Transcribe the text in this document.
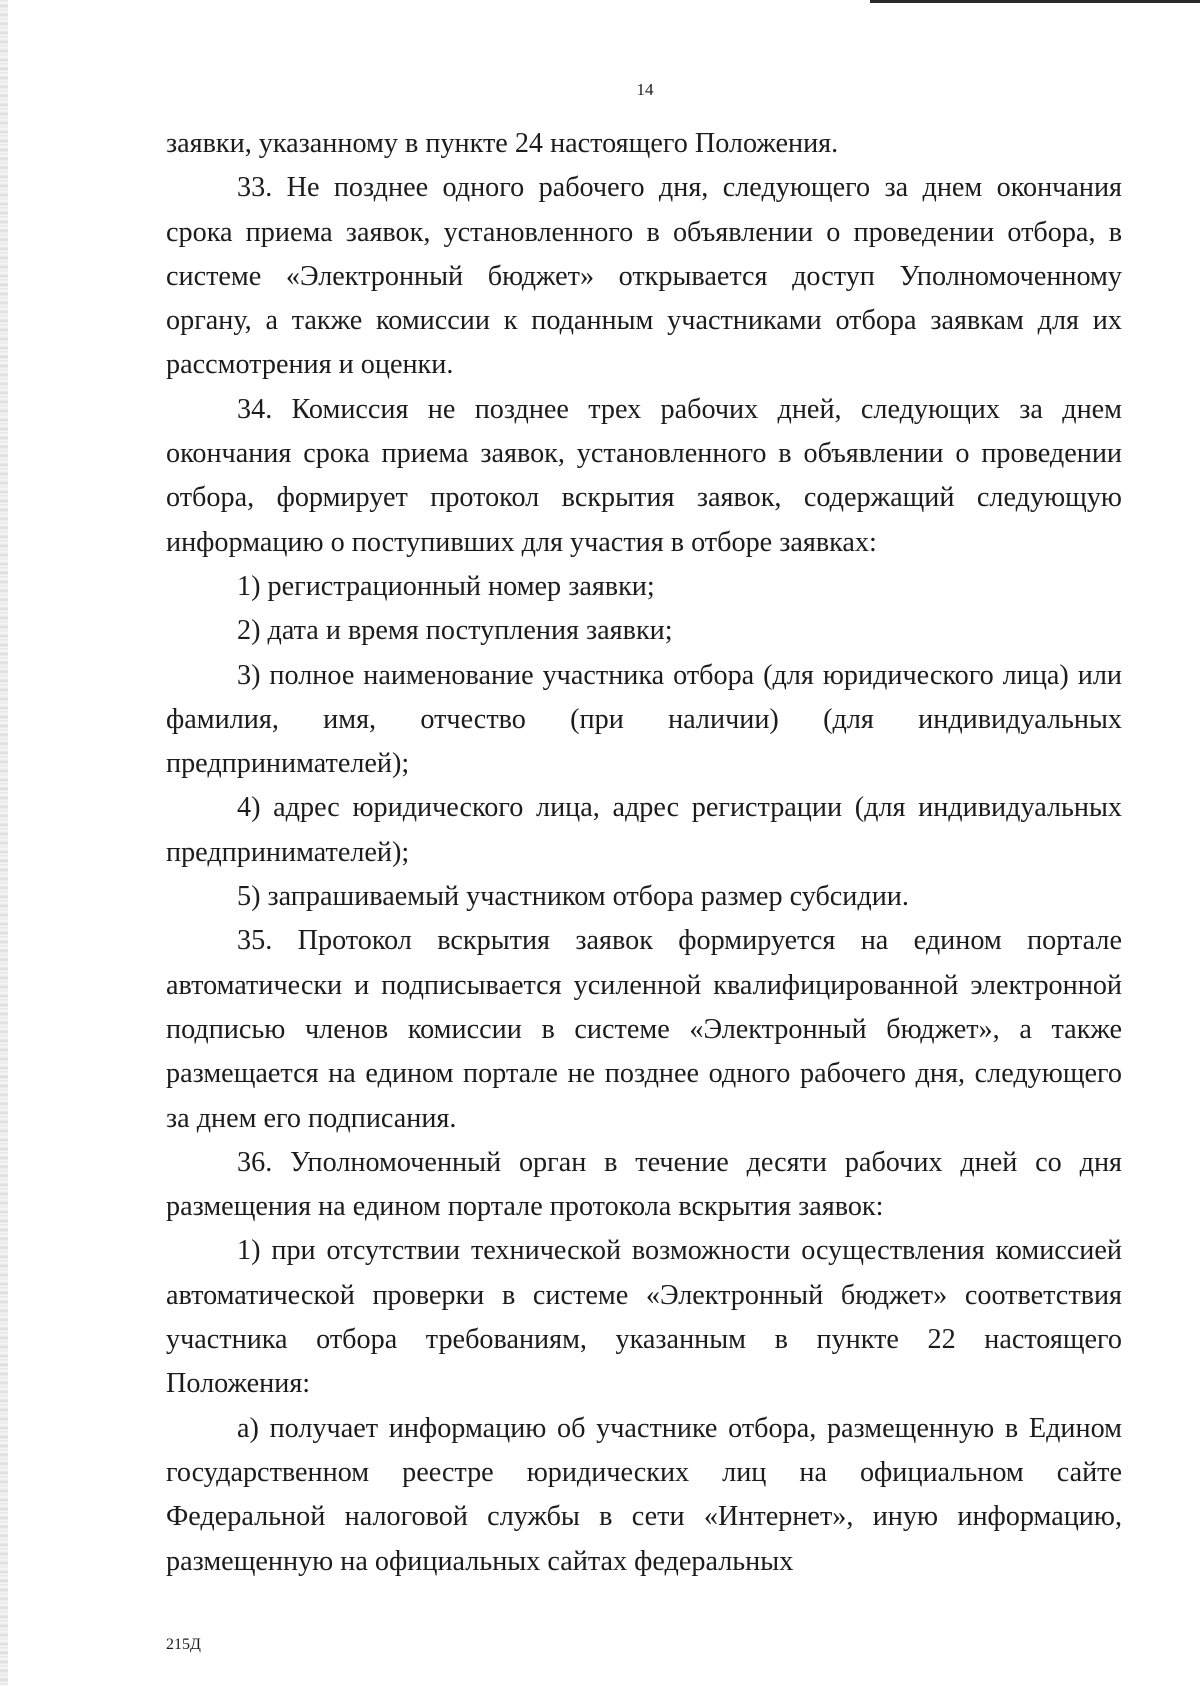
14

заявки, указанному в пункте 24 настоящего Положения.

33. Не позднее одного рабочего дня, следующего за днем окончания срока приема заявок, установленного в объявлении о проведении отбора, в системе «Электронный бюджет» открывается доступ Уполномоченному органу, а также комиссии к поданным участниками отбора заявкам для их рассмотрения и оценки.

34. Комиссия не позднее трех рабочих дней, следующих за днем окончания срока приема заявок, установленного в объявлении о проведении отбора, формирует протокол вскрытия заявок, содержащий следующую информацию о поступивших для участия в отборе заявках:

1) регистрационный номер заявки;

2) дата и время поступления заявки;

3) полное наименование участника отбора (для юридического лица) или фамилия, имя, отчество (при наличии) (для индивидуальных предпринимателей);

4) адрес юридического лица, адрес регистрации (для индивидуальных предпринимателей);

5) запрашиваемый участником отбора размер субсидии.

35. Протокол вскрытия заявок формируется на едином портале автоматически и подписывается усиленной квалифицированной электронной подписью членов комиссии в системе «Электронный бюджет», а также размещается на едином портале не позднее одного рабочего дня, следующего за днем его подписания.

36. Уполномоченный орган в течение десяти рабочих дней со дня размещения на едином портале протокола вскрытия заявок:

1) при отсутствии технической возможности осуществления комиссией автоматической проверки в системе «Электронный бюджет» соответствия участника отбора требованиям, указанным в пункте 22 настоящего Положения:

а) получает информацию об участнике отбора, размещенную в Едином государственном реестре юридических лиц на официальном сайте Федеральной налоговой службы в сети «Интернет», иную информацию, размещенную на официальных сайтах федеральных

215Д
